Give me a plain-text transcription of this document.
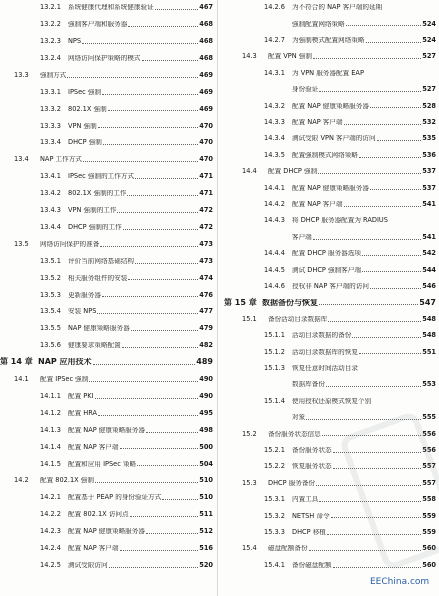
13.2.1	系统健康代理和系统健康验证	467
13.2.2	强制客户端和服务器	468
13.2.3	NPS	468
13.2.4	网络访问保护策略的模式	468
13.3	强制方式	469
13.3.1	IPSec 强制	469
13.3.2	802.1X 强制	469
13.3.3	VPN 强制	470
13.3.4	DHCP 强制	470
13.4	NAP 工作方式	470
13.4.1	IPSec 强制的工作方式	471
13.4.2	802.1X 强制的工作	471
13.4.3	VPN 强制的工作	472
13.4.4	DHCP 强制的工作	472
13.5	网络访问保护的准备	473
13.5.1	评价当前网络基础结构	473
13.5.2	相关服务组件的安装	474
13.5.3	更新服务器	476
13.5.4	安装 NPS	477
13.5.5	NAP 健康策略服务器	479
13.5.6	健康要求策略配置	482
第 14 章 NAP 应用技术	489
14.1	配置 IPSec 强制	490
14.1.1	配置 PKI	490
14.1.2	配置 HRA	495
14.1.3	配置 NAP 健康策略服务器	498
14.1.4	配置 NAP 客户端	500
14.1.5	配置和应用 IPSec 策略	504
14.2	配置 802.1X 强制	510
14.2.1	配置基于 PEAP 的身份验证方式	510
14.2.2	配置 802.1X 访问点	511
14.2.3	配置 NAP 健康策略服务器	512
14.2.4	配置 NAP 客户端	516
14.2.5	测试受限访问	520
14.2.6	为不符合的 NAP 客户端的延期
强制配置网络策略	524
14.2.7	为强制模式配置网络策略	524
14.3	配置 VPN 强制	527
14.3.1	为 VPN 服务器配置 EAP
身份验证	527
14.3.2	配置 NAP 健康策略服务器	528
14.3.3	配置 NAP 客户端	532
14.3.4	测试受限 VPN 客户端的访问	535
14.3.5	配置强制模式网络策略	536
14.4	配置 DHCP 强制	537
14.4.1	配置 NAP 健康策略服务器	537
14.4.2	配置 NAP 客户端	541
14.4.3	将 DHCP 服务器配置为 RADIUS
客户端	541
14.4.4	配置 DHCP 服务器选项	542
14.4.5	测试 DHCP 强制客户端	544
14.4.6	授权非 NAP 客户端的访问	546
第 15 章 数据备份与恢复	547
15.1	备份活动目录数据库	548
15.1.1	活动目录数据的备份	548
15.1.2	活动目录数据库的恢复	551
15.1.3	恢复任意时间活动目录
数据库备份	553
15.1.4	使用授权还原模式恢复个别
对象	555
15.2	备份服务状态信息	556
15.2.1	备份服务状态	556
15.2.2	恢复服务状态	557
15.3	DHCP 服务备份	557
15.3.1	内置工具	558
15.3.2	NETSH 命令	559
15.3.3	DHCP 移植	559
15.4	磁盘配额备份	560
15.4.1	备份磁盘配额	560
EEChina.com
